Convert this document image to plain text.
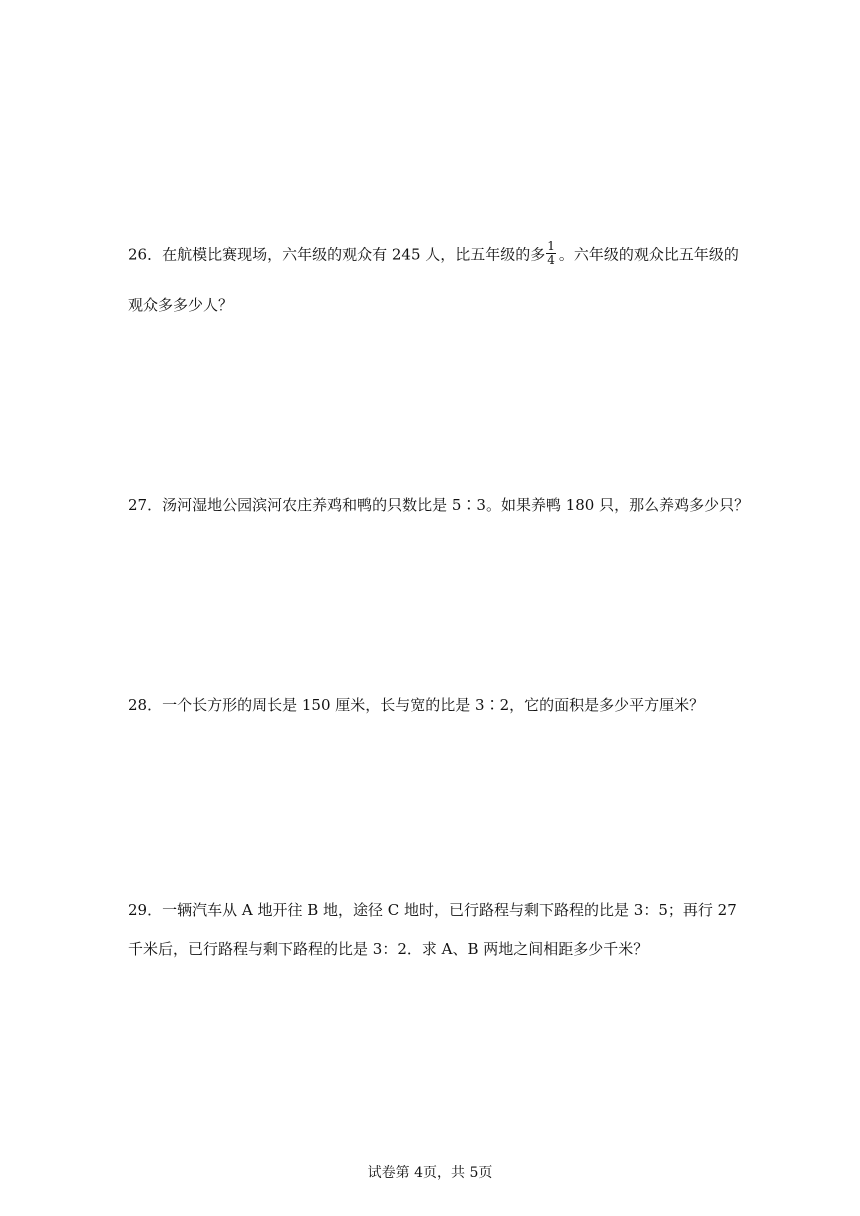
26．在航模比赛现场，六年级的观众有 245 人，比五年级的多 $\frac{1}{4}$ 。六年级的观众比五年级的
观众多多少人？
27．汤河湿地公园滨河农庄养鸡和鸭的只数比是 5∶3。如果养鸭 180 只，那么养鸡多少只？
28．一个长方形的周长是 150 厘米，长与宽的比是 3∶2，它的面积是多少平方厘米？
29．一辆汽车从 A 地开往 B 地，途径 C 地时，已行路程与剩下路程的比是 3：5；再行 27
千米后，已行路程与剩下路程的比是 3：2．求 A、B 两地之间相距多少千米？
试卷第 4页，共 5页
